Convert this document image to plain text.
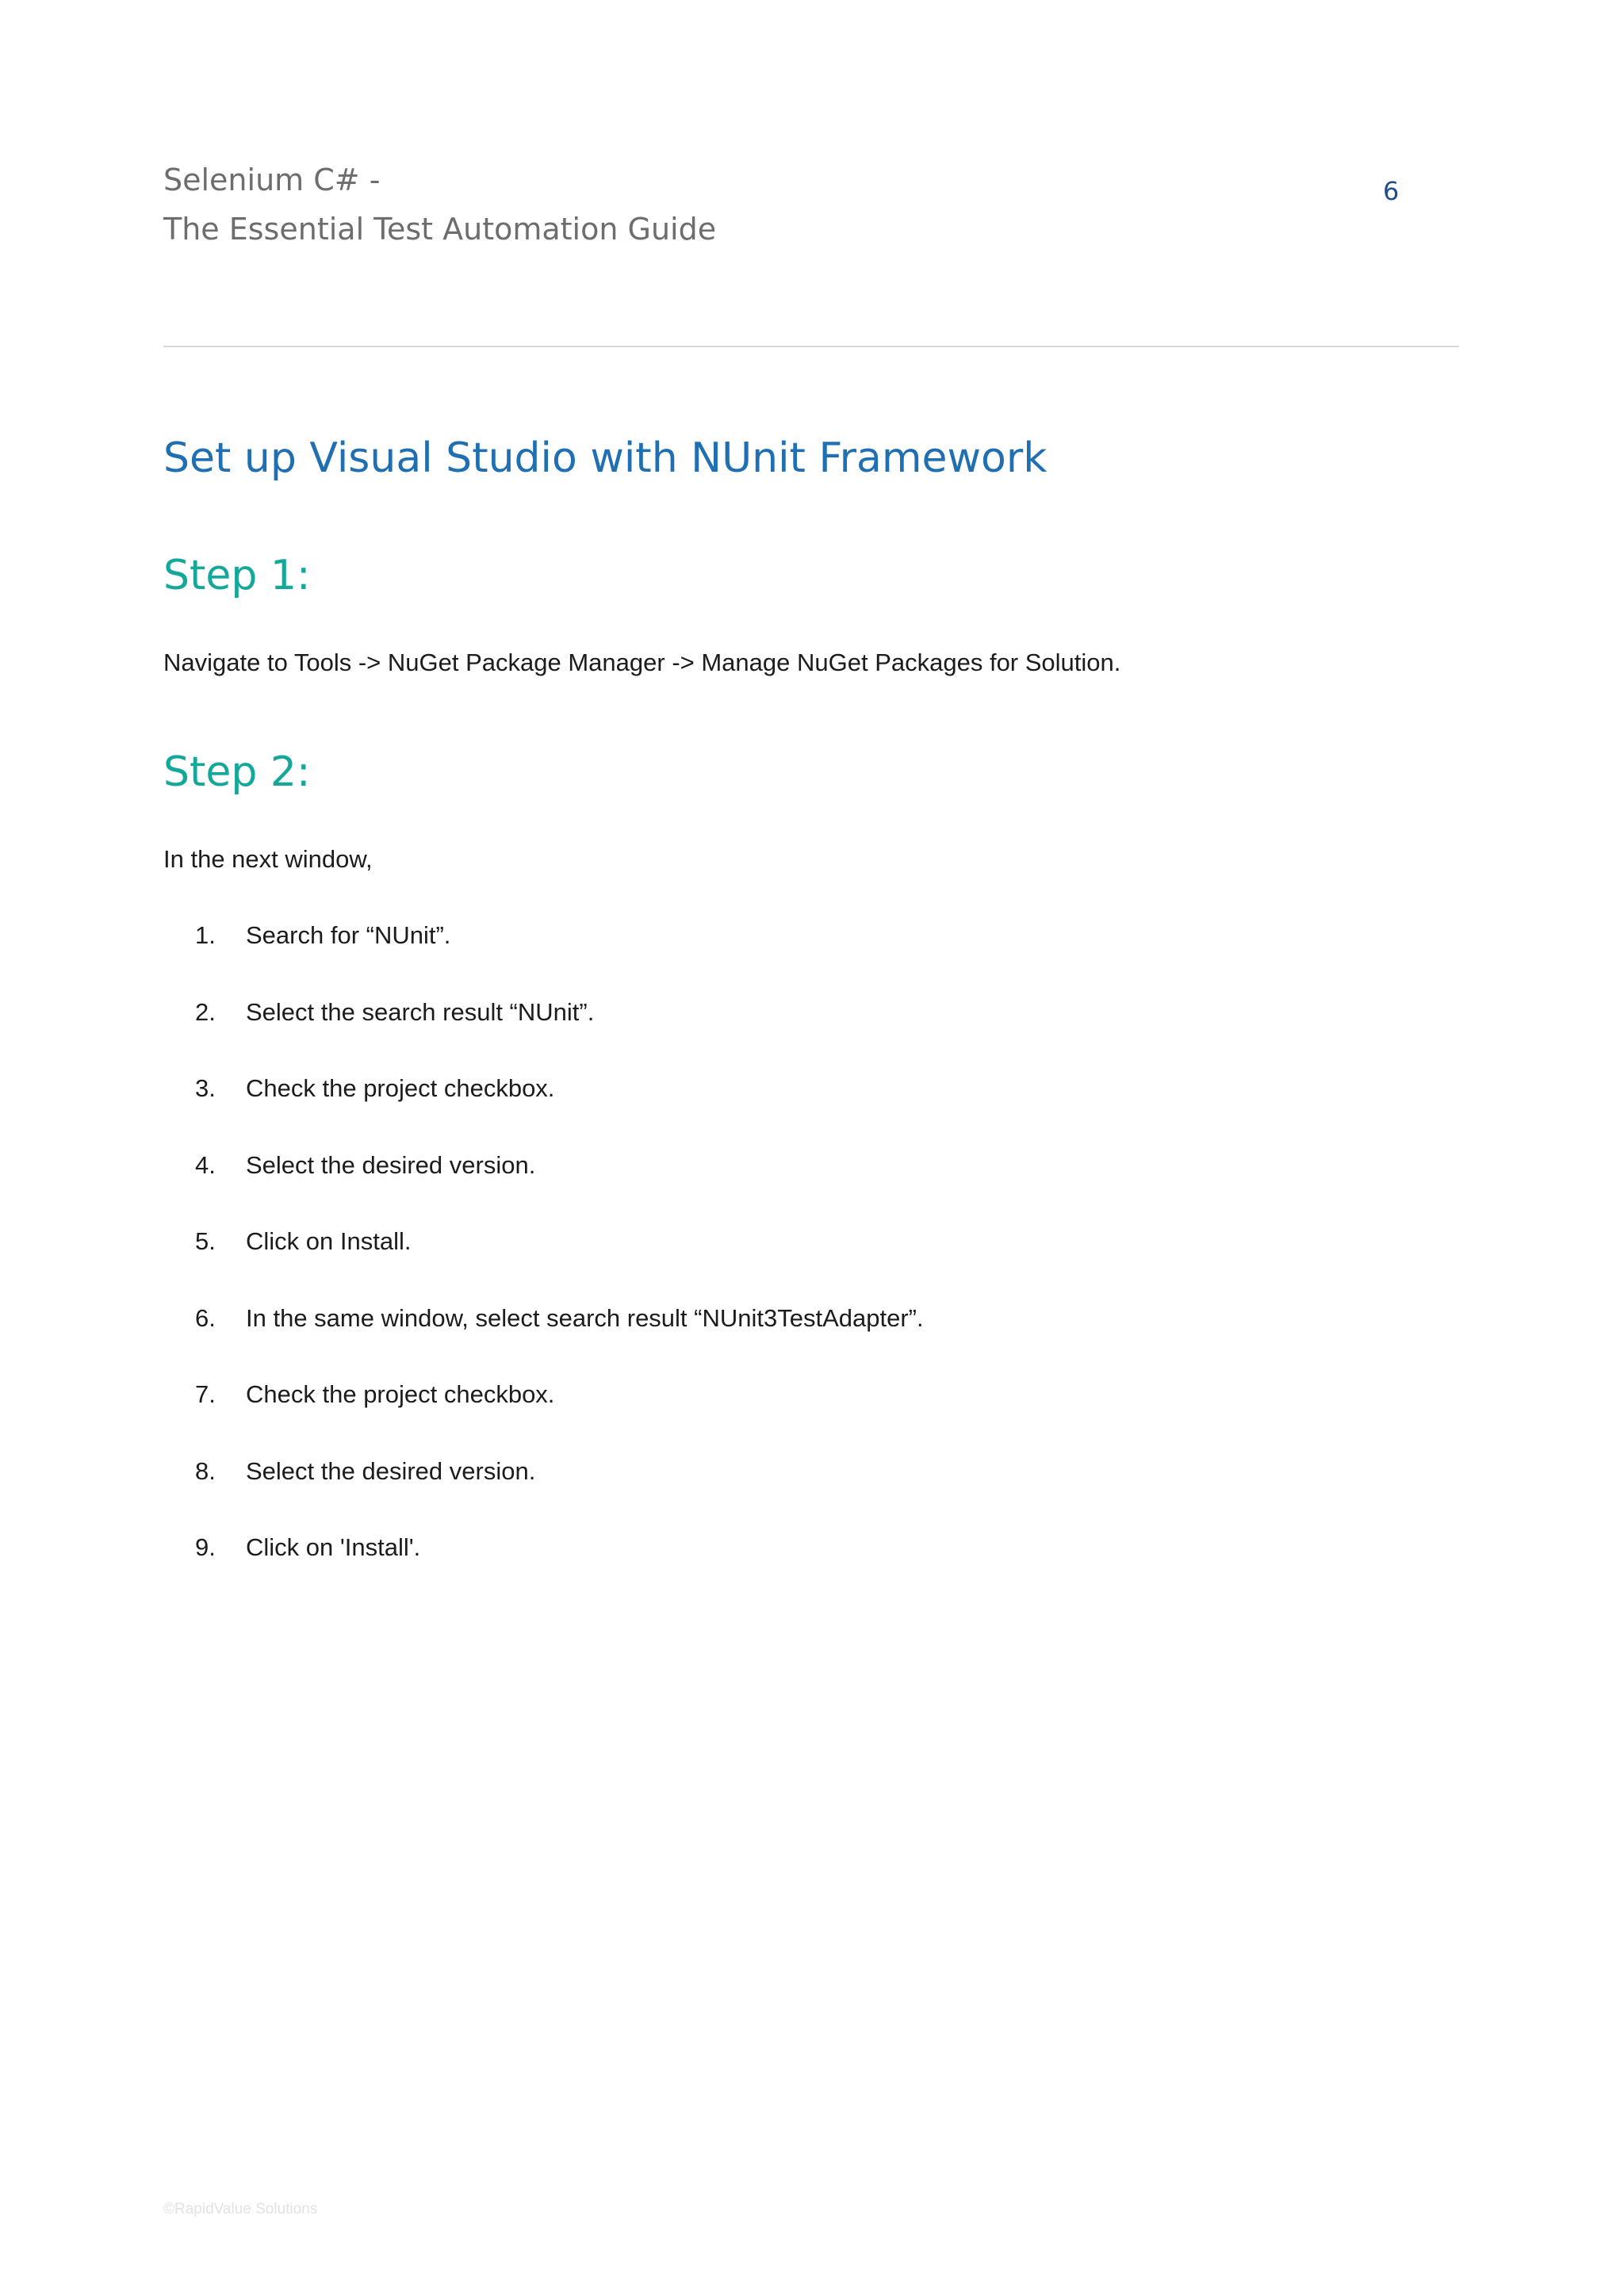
Selenium C# -
The Essential Test Automation Guide
6
Set up Visual Studio with NUnit Framework
Step 1:
Navigate to Tools -> NuGet Package Manager -> Manage NuGet Packages for Solution.
Step 2:
In the next window,
1.	Search for “NUnit”.
2.	Select the search result “NUnit”.
3.	Check the project checkbox.
4.	Select the desired version.
5.	Click on Install.
6.	In the same window, select search result “NUnit3TestAdapter”.
7.	Check the project checkbox.
8.	Select the desired version.
9.	Click on 'Install'.
©RapidValue Solutions
